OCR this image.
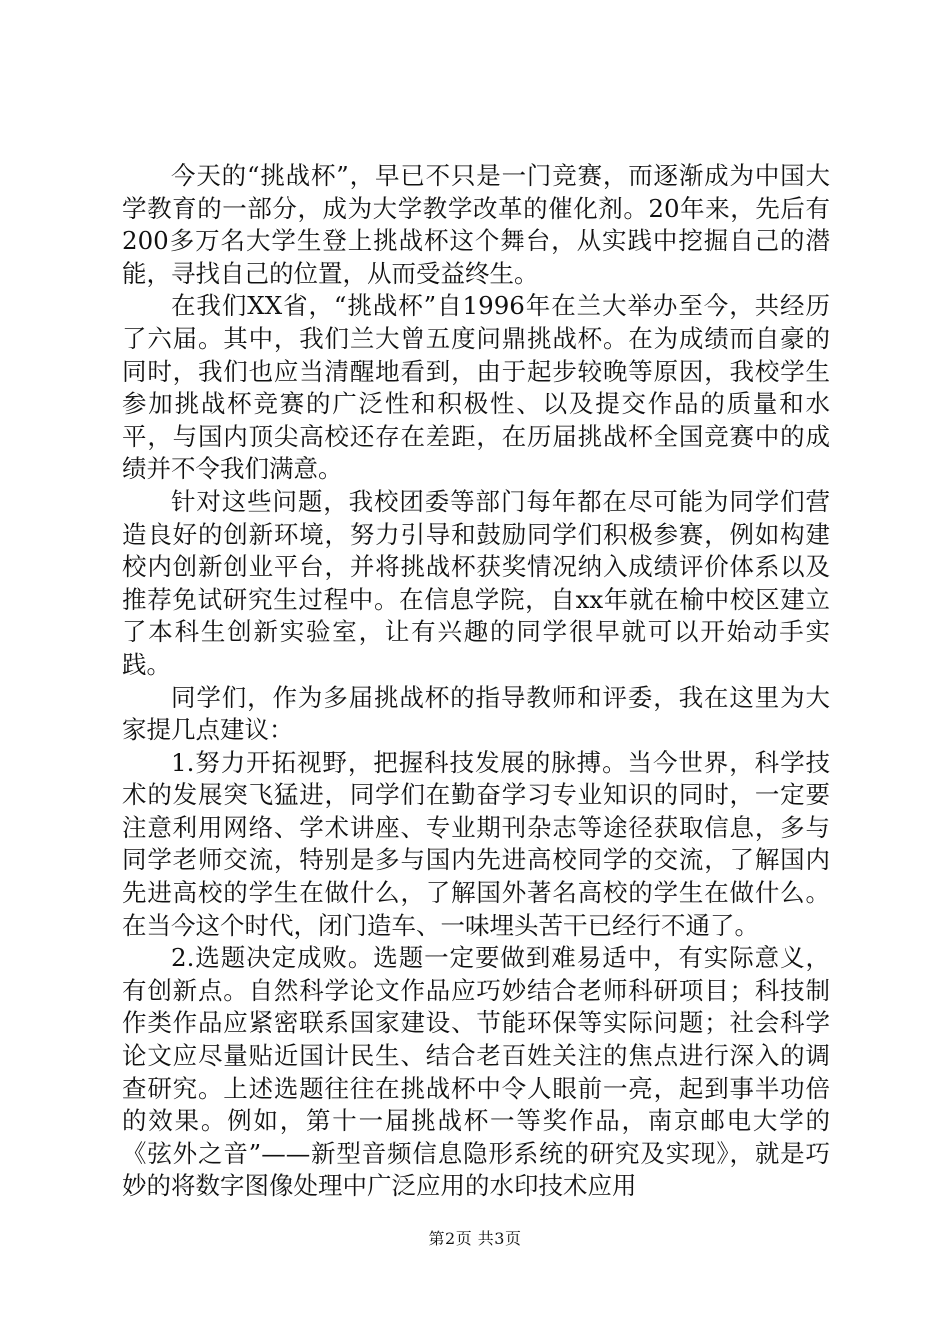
今天的“挑战杯”，早已不只是一门竞赛，而逐渐成为中国大学教育的一部分，成为大学教学改革的催化剂。20年来，先后有200多万名大学生登上挑战杯这个舞台，从实践中挖掘自己的潜能，寻找自己的位置，从而受益终生。

在我们XX省，“挑战杯”自1996年在兰大举办至今，共经历了六届。其中，我们兰大曾五度问鼎挑战杯。在为成绩而自豪的同时，我们也应当清醒地看到，由于起步较晚等原因，我校学生参加挑战杯竞赛的广泛性和积极性、以及提交作品的质量和水平，与国内顶尖高校还存在差距，在历届挑战杯全国竞赛中的成绩并不令我们满意。

针对这些问题，我校团委等部门每年都在尽可能为同学们营造良好的创新环境，努力引导和鼓励同学们积极参赛，例如构建校内创新创业平台，并将挑战杯获奖情况纳入成绩评价体系以及推荐免试研究生过程中。在信息学院，自xx年就在榆中校区建立了本科生创新实验室，让有兴趣的同学很早就可以开始动手实践。

同学们，作为多届挑战杯的指导教师和评委，我在这里为大家提几点建议：

1.努力开拓视野，把握科技发展的脉搏。当今世界，科学技术的发展突飞猛进，同学们在勤奋学习专业知识的同时，一定要注意利用网络、学术讲座、专业期刊杂志等途径获取信息，多与同学老师交流，特别是多与国内先进高校同学的交流，了解国内先进高校的学生在做什么，了解国外著名高校的学生在做什么。在当今这个时代，闭门造车、一味埋头苦干已经行不通了。

2.选题决定成败。选题一定要做到难易适中，有实际意义，有创新点。自然科学论文作品应巧妙结合老师科研项目；科技制作类作品应紧密联系国家建设、节能环保等实际问题；社会科学论文应尽量贴近国计民生、结合老百姓关注的焦点进行深入的调查研究。上述选题往往在挑战杯中令人眼前一亮，起到事半功倍的效果。例如，第十一届挑战杯一等奖作品，南京邮电大学的《弦外之音”——新型音频信息隐形系统的研究及实现》，就是巧妙的将数字图像处理中广泛应用的水印技术应用

第2页 共3页
